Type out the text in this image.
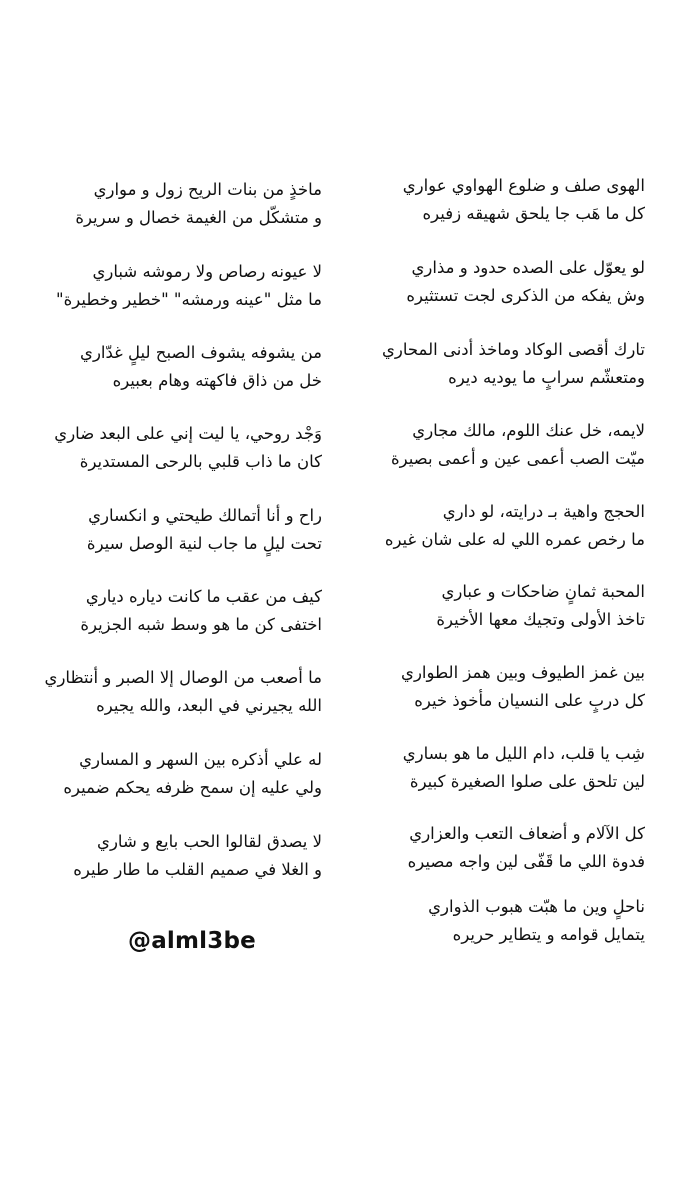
الهوى صلف و ضلوع الهواوي عواري
كل ما هَب جا يلحق شهيقه زفيره
لو يعوّل على الصده حدود و مذاري
وش يفكه من الذكرى لجت تستثيره
تارك أقصى الوكاد وماخذ أدنى المحاري
ومتعشّم سرابٍ ما يوديه ديره
لايمه، خل عنك اللوم، مالك مجاري
ميّت الصب أعمى عين و أعمى بصيرة
الحجج واهية بـ درايته، لو داري
ما رخص عمره اللي له على شان غيره
المحبة ثمانٍ ضاحكات و عباري
تاخذ الأولى وتجيك معها الأخيرة
بين غمز الطيوف وبين همز الطواري
كل دربٍ على النسيان مأخوذ خيره
شِب يا قلب، دام الليل ما هو بساري
لين تلحق على صلوا الصغيرة كبيرة
كل الآلام و أضعاف التعب والعزاري
فدوة اللي ما قَفّى لين واجه مصيره
ناحلٍ وين ما هبّت هبوب الذواري
يتمايل قوامه و يتطاير حريره
ماخذٍ من بنات الريح زول و مواري
و متشكّل من الغيمة خصال و سريرة
لا عيونه رصاص ولا رموشه شباري
ما مثل "عينه ورمشه" "خطير وخطيرة"
من يشوفه يشوف الصبح ليلٍ غدّاري
خل من ذاق فاكهته وهام بعبيره
وَجْد روحي، يا ليت إني على البعد ضاري
كان ما ذاب قلبي بالرحى المستديرة
راح و أنا أتمالك طيحتي و انكساري
تحت ليلٍ ما جاب لنية الوصل سيرة
كيف من عقب ما كانت دياره دياري
اختفى كن ما هو وسط شبه الجزيرة
ما أصعب من الوصال إلا الصبر و أنتظاري
الله يجيرني في البعد، والله يجيره
له علي أذكره بين السهر و المساري
ولي عليه إن سمح ظرفه يحكم ضميره
لا يصدق لقالوا الحب بايع و شاري
و الغلا في صميم القلب ما طار طيره
@alml3be
